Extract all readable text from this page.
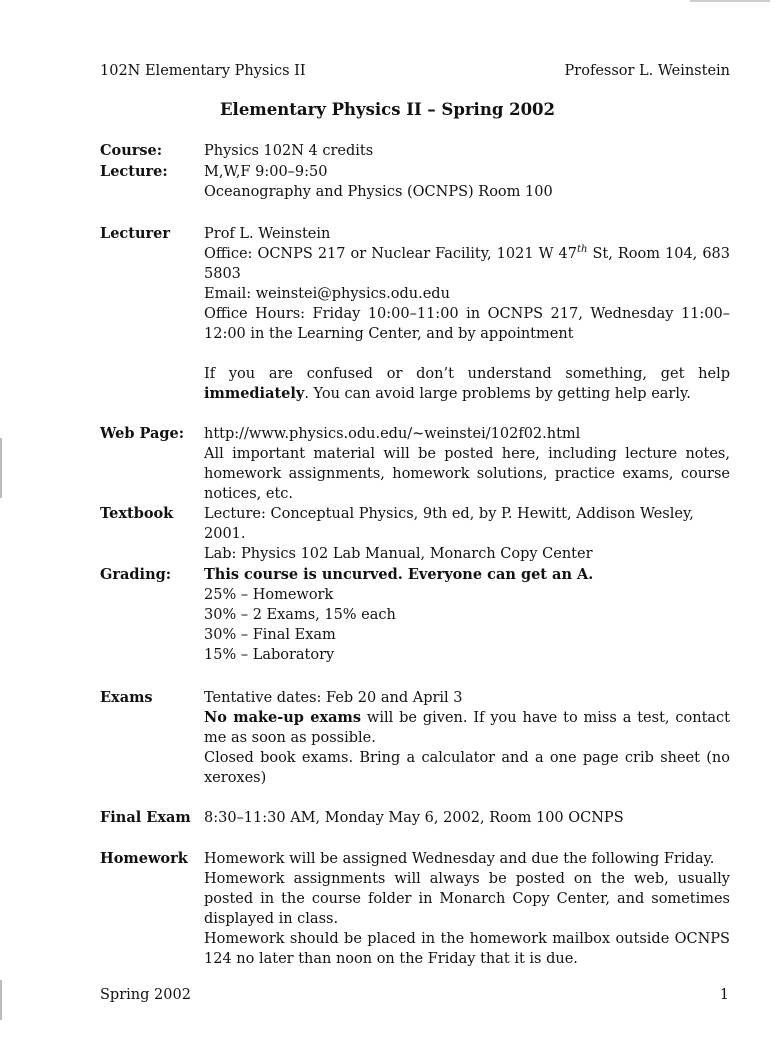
102N Elementary Physics II	Professor L. Weinstein
Elementary Physics II – Spring 2002
Course:	Physics 102N 4 credits
Lecture:	M,W,F 9:00–9:50

Oceanography and Physics (OCNPS) Room 100

Lecturer	Prof L. Weinstein

Office: OCNPS 217 or Nuclear Facility, 1021 W 47th St, Room 104, 683 5803

Email: weinstei@physics.odu.edu

Office Hours: Friday 10:00–11:00 in OCNPS 217, Wednesday 11:00–12:00 in the Learning Center, and by appointment

If you are confused or don’t understand something, get help immediately. You can avoid large problems by getting help early.

Web Page:	http://www.physics.odu.edu/~weinstei/102f02.html

All important material will be posted here, including lecture notes, homework assignments, homework solutions, practice exams, course notices, etc.

Textbook	Lecture: Conceptual Physics, 9th ed, by P. Hewitt, Addison Wesley, 2001.

Lab: Physics 102 Lab Manual, Monarch Copy Center

Grading:	This course is uncurved. Everyone can get an A.

25% – Homework

30% – 2 Exams, 15% each

30% – Final Exam

15% – Laboratory

Exams	Tentative dates: Feb 20 and April 3

No make-up exams will be given. If you have to miss a test, contact me as soon as possible.

Closed book exams. Bring a calculator and a one page crib sheet (no xeroxes)

Final Exam 8:30–11:30 AM, Monday May 6, 2002, Room 100 OCNPS
Homework	Homework will be assigned Wednesday and due the following Friday.

Homework assignments will always be posted on the web, usually posted in the course folder in Monarch Copy Center, and sometimes displayed in class.

Homework should be placed in the homework mailbox outside OCNPS 124 no later than noon on the Friday that it is due.

Spring 2002	1
